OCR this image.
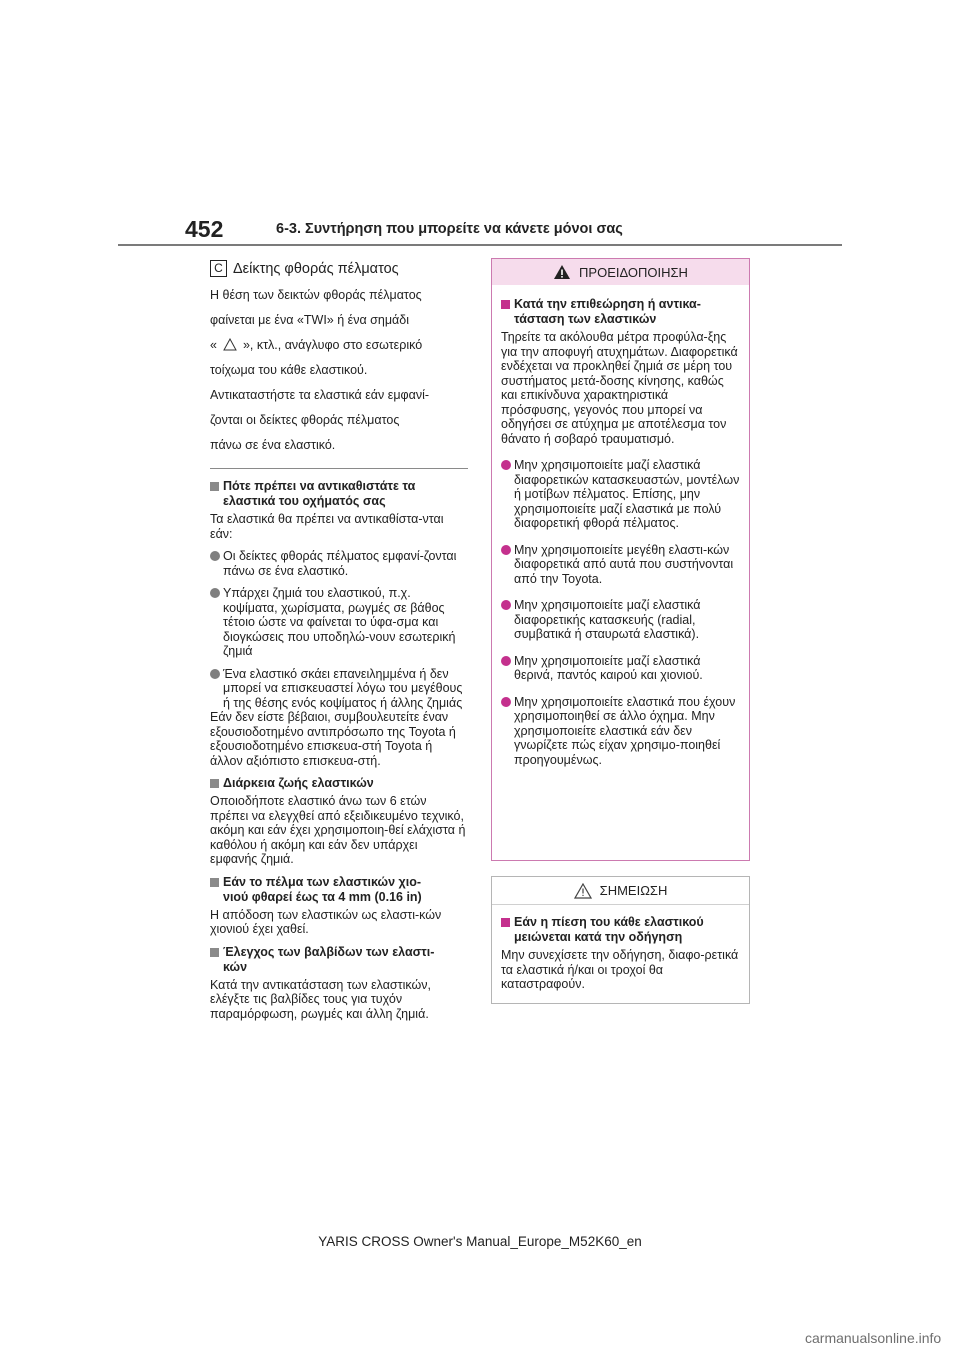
452	6-3. Συντήρηση που μπορείτε να κάνετε μόνοι σας
C Δείκτης φθοράς πέλματος
Η θέση των δεικτών φθοράς πέλματος
φαίνεται με ένα «TWI» ή ένα σημάδι
« », κτλ., ανάγλυφο στο εσωτερικό
τοίχωμα του κάθε ελαστικού.
Αντικαταστήστε τα ελαστικά εάν εμφανί-
ζονται οι δείκτες φθοράς πέλματος
πάνω σε ένα ελαστικό.
Πότε πρέπει να αντικαθιστάτε τα
ελαστικά του οχήματός σας
Τα ελαστικά θα πρέπει να αντικαθίστα-νται εάν:
Οι δείκτες φθοράς πέλματος εμφανί-ζονται πάνω σε ένα ελαστικό.
Υπάρχει ζημιά του ελαστικού, π.χ. κοψίματα, χωρίσματα, ρωγμές σε βάθος τέτοιο ώστε να φαίνεται το ύφα-σμα και διογκώσεις που υποδηλώ-νουν εσωτερική ζημιά
Ένα ελαστικό σκάει επανειλημμένα ή δεν μπορεί να επισκευαστεί λόγω του μεγέθους ή της θέσης ενός κοψίματος ή άλλης ζημιάς
Εάν δεν είστε βέβαιοι, συμβουλευτείτε έναν εξουσιοδοτημένο αντιπρόσωπο της Toyota ή εξουσιοδοτημένο επισκευα-στή Toyota ή άλλον αξιόπιστο επισκευα-στή.
Διάρκεια ζωής ελαστικών
Οποιοδήποτε ελαστικό άνω των 6 ετών πρέπει να ελεγχθεί από εξειδικευμένο τεχνικό, ακόμη και εάν έχει χρησιμοποιη-θεί ελάχιστα ή καθόλου ή ακόμη και εάν δεν υπάρχει εμφανής ζημιά.
Εάν το πέλμα των ελαστικών χιο-
νιού φθαρεί έως τα 4 mm (0.16 in)
Η απόδοση των ελαστικών ως ελαστι-κών χιονιού έχει χαθεί.
Έλεγχος των βαλβίδων των ελαστι-
κών
Κατά την αντικατάσταση των ελαστικών, ελέγξτε τις βαλβίδες τους για τυχόν παραμόρφωση, ρωγμές και άλλη ζημιά.
ΠΡΟΕΙΔΟΠΟΙΗΣΗ
Κατά την επιθεώρηση ή αντικα-
τάσταση των ελαστικών
Τηρείτε τα ακόλουθα μέτρα προφύλα-ξης για την αποφυγή ατυχημάτων. Διαφορετικά ενδέχεται να προκληθεί ζημιά σε μέρη του συστήματος μετά-δοσης κίνησης, καθώς και επικίνδυνα χαρακτηριστικά πρόσφυσης, γεγονός που μπορεί να οδηγήσει σε ατύχημα με αποτέλεσμα τον θάνατο ή σοβαρό τραυματισμό.
Μην χρησιμοποιείτε μαζί ελαστικά διαφορετικών κατασκευαστών, μοντέλων ή μοτίβων πέλματος. Επίσης, μην χρησιμοποιείτε μαζί ελαστικά με πολύ διαφορετική φθορά πέλματος.
Μην χρησιμοποιείτε μεγέθη ελαστι-κών διαφορετικά από αυτά που συστήνονται από την Toyota.
Μην χρησιμοποιείτε μαζί ελαστικά διαφορετικής κατασκευής (radial, συμβατικά ή σταυρωτά ελαστικά).
Μην χρησιμοποιείτε μαζί ελαστικά θερινά, παντός καιρού και χιονιού.
Μην χρησιμοποιείτε ελαστικά που έχουν χρησιμοποιηθεί σε άλλο όχημα. Μην χρησιμοποιείτε ελαστικά εάν δεν γνωρίζετε πώς είχαν χρησιμο-ποιηθεί προηγουμένως.
ΣΗΜΕΙΩΣΗ
Εάν η πίεση του κάθε ελαστικού
μειώνεται κατά την οδήγηση
Μην συνεχίσετε την οδήγηση, διαφο-ρετικά τα ελαστικά ή/και οι τροχοί θα καταστραφούν.
YARIS CROSS Owner's Manual_Europe_M52K60_en
carmanualsonline.info
